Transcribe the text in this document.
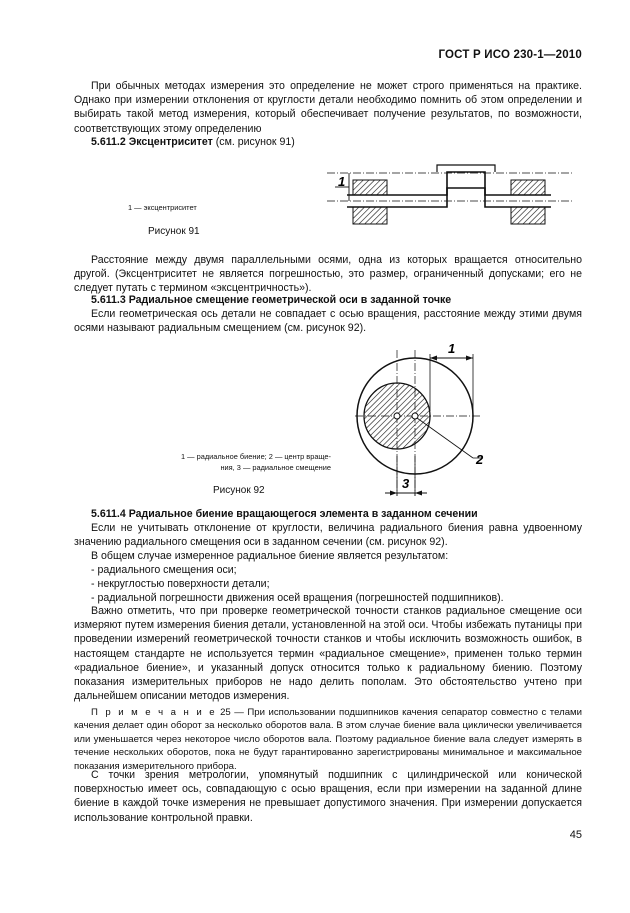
ГОСТ Р ИСО 230-1—2010

При обычных методах измерения это определение не может строго применяться на практике. Однако при измерении отклонения от круглости детали необходимо помнить об этом определении и выбирать такой метод измерения, который обеспечивает получение результатов, по возможности, соответствующих этому определению

5.611.2 Эксцентриситет (см. рисунок 91)

1 — эксцентриситет
Рисунок 91
1

Расстояние между двумя параллельными осями, одна из которых вращается относительно другой. (Эксцентриситет не является погрешностью, это размер, ограниченный допусками; его не следует путать с термином «эксцентричность»).

5.611.3 Радиальное смещение геометрической оси в заданной точке

Если геометрическая ось детали не совпадает с осью вращения, расстояние между этими двумя осями называют радиальным смещением (см. рисунок 92).

1 — радиальное биение; 2 — центр враще-
ния, 3 — радиальное смещение
Рисунок 92
1
2
3

5.611.4 Радиальное биение вращающегося элемента в заданном сечении

Если не учитывать отклонение от круглости, величина радиального биения равна удвоенному значению радиального смещения оси в заданном сечении (см. рисунок 92).

В общем случае измеренное радиальное биение является результатом:

- радиального смещения оси;

- некруглостью поверхности детали;

- радиальной погрешности движения осей вращения (погрешностей подшипников).

Важно отметить, что при проверке геометрической точности станков радиальное смещение оси измеряют путем измерения биения детали, установленной на этой оси. Чтобы избежать путаницы при проведении измерений геометрической точности станков и чтобы исключить возможность ошибок, в настоящем стандарте не используется термин «радиальное смещение», применен только термин «радиальное биение», и указанный допуск относится только к радиальному биению. Поэтому показания измерительных приборов не надо делить пополам. Это обстоятельство учтено при дальнейшем описании методов измерения.

П р и м е ч а н и е 25 — При использовании подшипников качения сепаратор совместно с телами качения делает один оборот за несколько оборотов вала. В этом случае биение вала циклически увеличивается или уменьшается через некоторое число оборотов вала. Поэтому радиальное биение вала следует измерять в течение нескольких оборотов, пока не будут гарантированно зарегистрированы минимальное и максимальное показания измерительного прибора.

С точки зрения метрологии, упомянутый подшипник с цилиндрической или конической поверхностью имеет ось, совпадающую с осью вращения, если при измерении на заданной длине биение в каждой точке измерения не превышает допустимого значения. При измерении допускается использование контрольной правки.

45
